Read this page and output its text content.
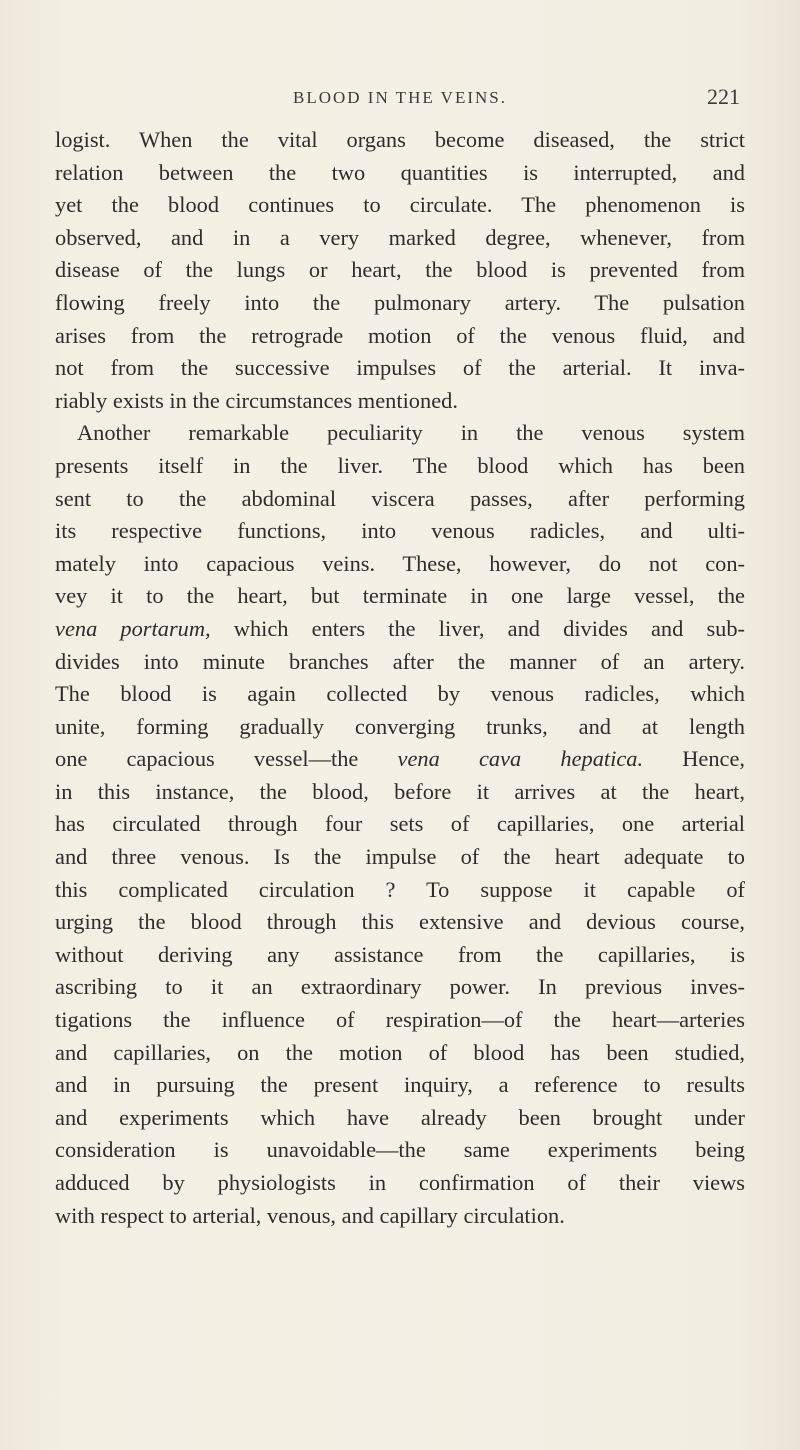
BLOOD IN THE VEINS.	221
logist. When the vital organs become diseased, the strict
relation between the two quantities is interrupted, and
yet the blood continues to circulate. The phenomenon is
observed, and in a very marked degree, whenever, from
disease of the lungs or heart, the blood is prevented from
flowing freely into the pulmonary artery. The pulsation
arises from the retrograde motion of the venous fluid, and
not from the successive impulses of the arterial. It inva-
riably exists in the circumstances mentioned.
Another remarkable peculiarity in the venous system
presents itself in the liver. The blood which has been
sent to the abdominal viscera passes, after performing
its respective functions, into venous radicles, and ulti-
mately into capacious veins. These, however, do not con-
vey it to the heart, but terminate in one large vessel, the
vena portarum, which enters the liver, and divides and sub-
divides into minute branches after the manner of an artery.
The blood is again collected by venous radicles, which
unite, forming gradually converging trunks, and at length
one capacious vessel—the vena cava hepatica. Hence,
in this instance, the blood, before it arrives at the heart,
has circulated through four sets of capillaries, one arterial
and three venous. Is the impulse of the heart adequate to
this complicated circulation ? To suppose it capable of
urging the blood through this extensive and devious course,
without deriving any assistance from the capillaries, is
ascribing to it an extraordinary power. In previous inves-
tigations the influence of respiration—of the heart—arteries
and capillaries, on the motion of blood has been studied,
and in pursuing the present inquiry, a reference to results
and experiments which have already been brought under
consideration is unavoidable—the same experiments being
adduced by physiologists in confirmation of their views
with respect to arterial, venous, and capillary circulation.
